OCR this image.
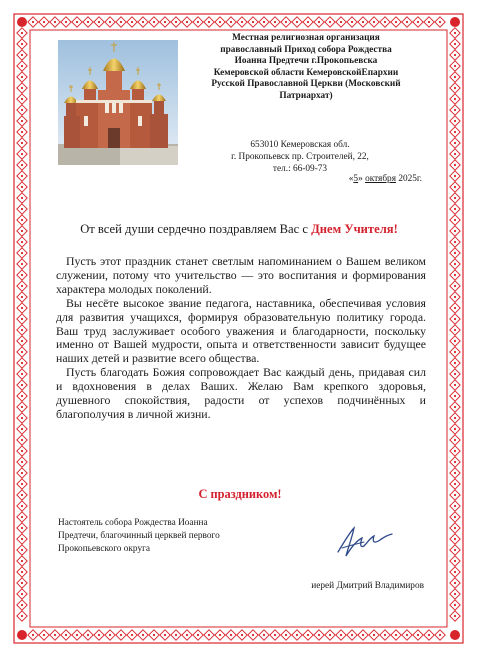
Местная религиозная организация
православный Приход собора Рождества
Иоанна Предтечи г.Прокопьевска
Кемеровской области КемеровскойЕпархии
Русской Православной Церкви (Московский
Патриархат)
653010 Кемеровская обл.
г. Прокопьевск пр. Строителей, 22,
тел.: 66-09-73
«5» октября 2025г.
От всей души сердечно поздравляем Вас с Днем Учителя!

Пусть этот праздник станет светлым напоминанием о Вашем великом служении, потому что учительство — это воспитания и формирования характера молодых поколений.

Вы несёте высокое звание педагога, наставника, обеспечивая условия для развития учащихся, формируя образовательную политику города. Ваш труд заслуживает особого уважения и благодарности, поскольку именно от Вашей мудрости, опыта и ответственности зависит будущее наших детей и развитие всего общества.

Пусть благодать Божия сопровождает Вас каждый день, придавая сил и вдохновения в делах Ваших. Желаю Вам крепкого здоровья, душевного спокойствия, радости от успехов подчинённых и благополучия в личной жизни.

С праздником!
Настоятель собора Рождества Иоанна
Предтечи, благочинный церквей первого
Прокопьевского округа
иерей Дмитрий Владимиров
